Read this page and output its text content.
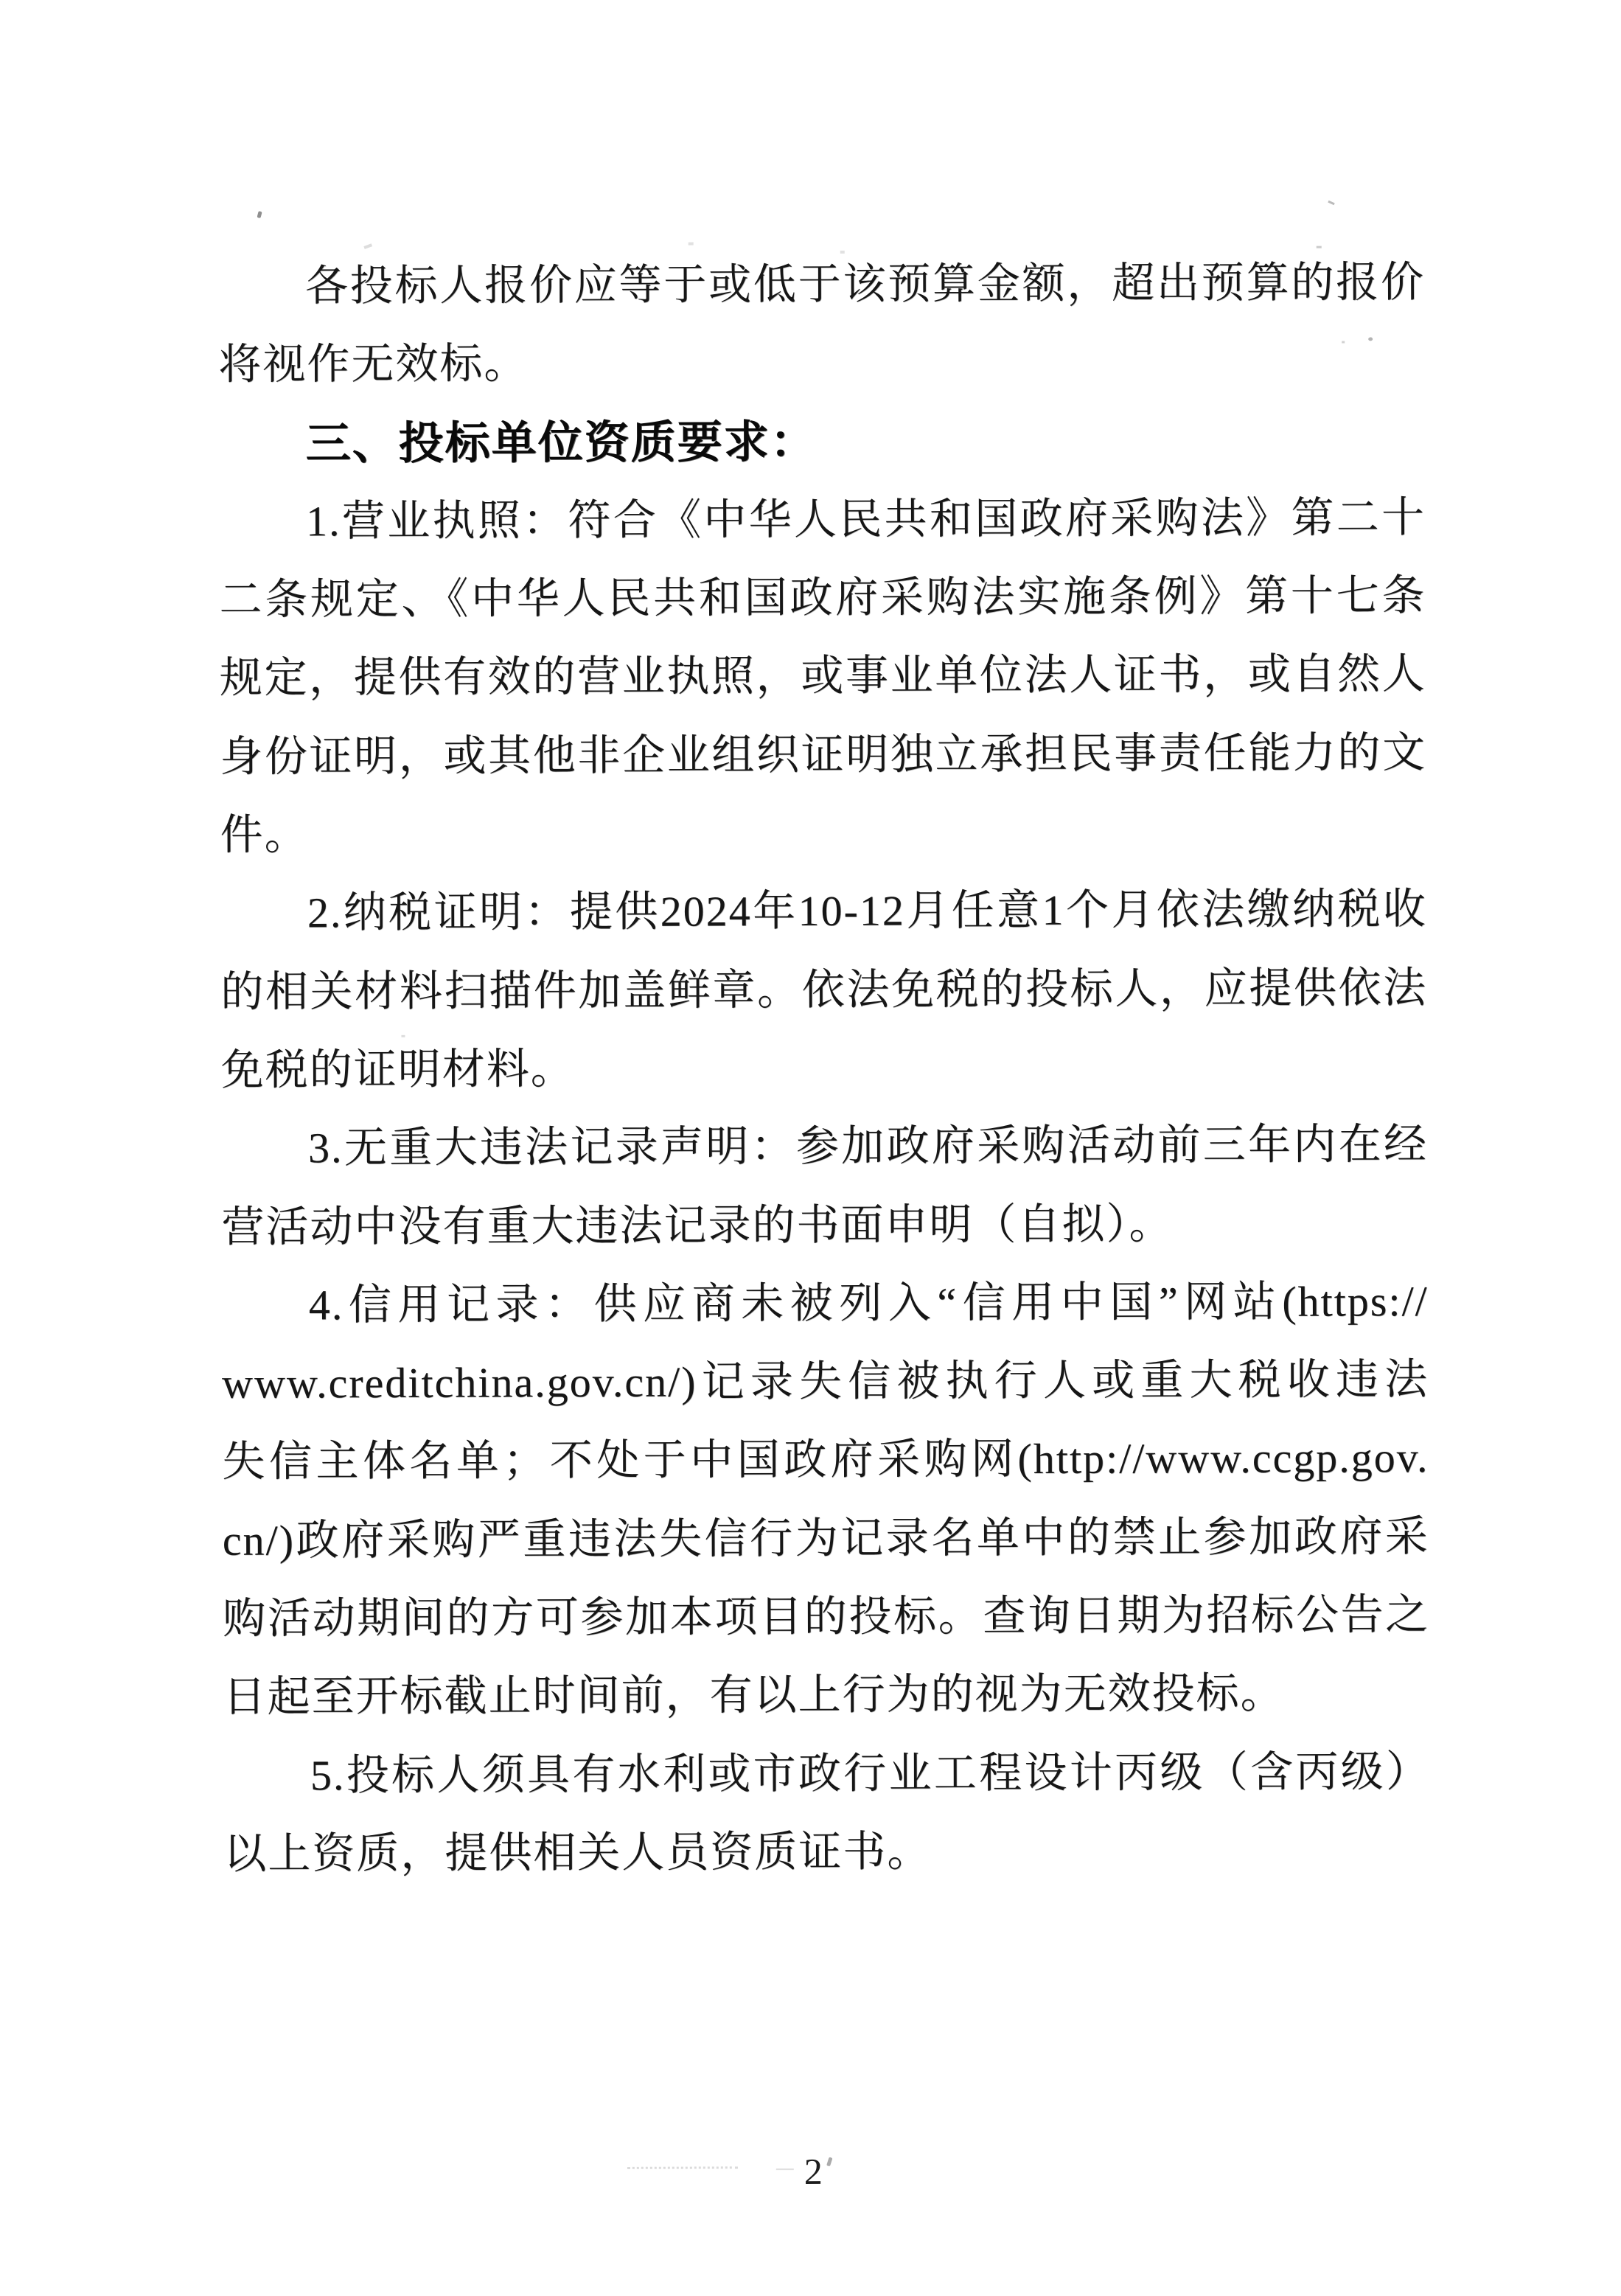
各投标人报价应等于或低于该预算金额，超出预算的报价
将视作无效标。
三、投标单位资质要求：
1.营业执照：符合《中华人民共和国政府采购法》第二十
二条规定、《中华人民共和国政府采购法实施条例》第十七条
规定，提供有效的营业执照，或事业单位法人证书，或自然人
身份证明，或其他非企业组织证明独立承担民事责任能力的文
件。
2.纳税证明：提供2024年10-12月任意1个月依法缴纳税收
的相关材料扫描件加盖鲜章。依法免税的投标人，应提供依法
免税的证明材料。
3.无重大违法记录声明：参加政府采购活动前三年内在经
营活动中没有重大违法记录的书面申明（自拟）。
4.信用记录：供应商未被列入“信用中国”网站(https://
www.creditchina.gov.cn/)记录失信被执行人或重大税收违法
失信主体名单；不处于中国政府采购网(http://www.ccgp.gov.
cn/)政府采购严重违法失信行为记录名单中的禁止参加政府采
购活动期间的方可参加本项目的投标。查询日期为招标公告之
日起至开标截止时间前，有以上行为的视为无效投标。
5.投标人须具有水利或市政行业工程设计丙级（含丙级）
以上资质，提供相关人员资质证书。
2
